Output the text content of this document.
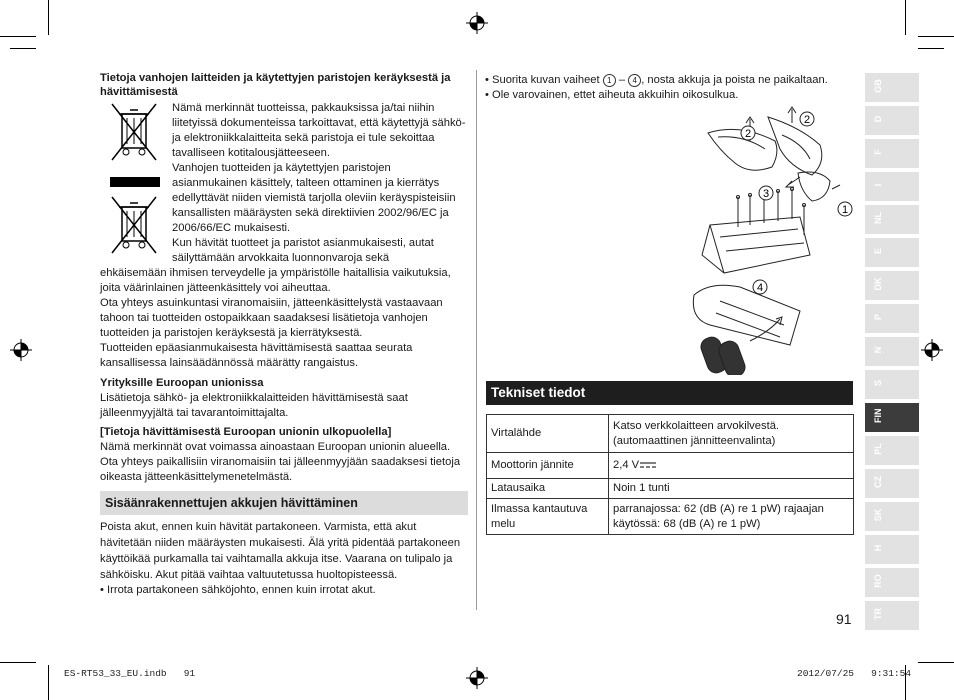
Tietoja vanhojen laitteiden ja käytettyjen paristojen keräyksestä ja hävittämisestä
Nämä merkinnät tuotteissa, pakkauksissa ja/tai niihin liitetyissä dokumenteissa tarkoittavat, että käytettyjä sähkö- ja elektroniikkalaitteita sekä paristoja ei tule sekoittaa tavalliseen kotitalousjätteeseen.
Vanhojen tuotteiden ja käytettyjen paristojen asianmukainen käsittely, talteen ottaminen ja kierrätys edellyttävät niiden viemistä tarjolla oleviin keräyspisteisiin kansallisten määräysten sekä direktiivien 2002/96/EC ja 2006/66/EC mukaisesti.
Kun hävität tuotteet ja paristot asianmukaisesti, autat säilyttämään arvokkaita luonnonvaroja sekä
ehkäisemään ihmisen terveydelle ja ympäristölle haitallisia vaikutuksia, joita väärinlainen jätteenkäsittely voi aiheuttaa.
Ota yhteys asuinkuntasi viranomaisiin, jätteenkäsittelystä vastaavaan tahoon tai tuotteiden ostopaikkaan saadaksesi lisätietoja vanhojen tuotteiden ja paristojen keräyksestä ja kierrätyksestä.
Tuotteiden epäasianmukaisesta hävittämisestä saattaa seurata kansallisessa lainsäädännössä määrätty rangaistus.
Yrityksille Euroopan unionissa
Lisätietoja sähkö- ja elektroniikkalaitteiden hävittämisestä saat jälleenmyyjältä tai tavarantoimittajalta.
[Tietoja hävittämisestä Euroopan unionin ulkopuolella]
Nämä merkinnät ovat voimassa ainoastaan Euroopan unionin alueella. Ota yhteys paikallisiin viranomaisiin tai jälleenmyyjään saadaksesi tietoja oikeasta jätteenkäsittelymenetelmästä.
Sisäänrakennettujen akkujen hävittäminen
Poista akut, ennen kuin hävität partakoneen. Varmista, että akut hävitetään niiden määräysten mukaisesti. Älä yritä pidentää partakoneen käyttöikää purkamalla tai vaihtamalla akkuja itse. Vaarana on tulipalo ja sähköisku. Akut pitää vaihtaa valtuutetussa huoltopisteessä.
• Irrota partakoneen sähköjohto, ennen kuin irrotat akut.
• Suorita kuvan vaiheet 1 – 4 , nosta akkuja ja poista ne paikaltaan.
• Ole varovainen, ettet aiheuta akkuihin oikosulkua.
2
2
3
1
4
Tekniset tiedot
Virtalähde	Katso verkkolaitteen arvokilvestä. (automaattinen jännitteenvalinta)
Moottorin jännite	2,4 V
Latausaika	Noin 1 tunti
Ilmassa kantautuva melu	parranajossa: 62 (dB (A) re 1 pW) rajaajan käytössä: 68 (dB (A) re 1 pW)
91
GB
D
F
I
NL
E
DK
P
N
S
FIN
PL
CZ
SK
H
RO
TR
ES-RT53_33_EU.indb   91	2012/07/25   9:31:54
